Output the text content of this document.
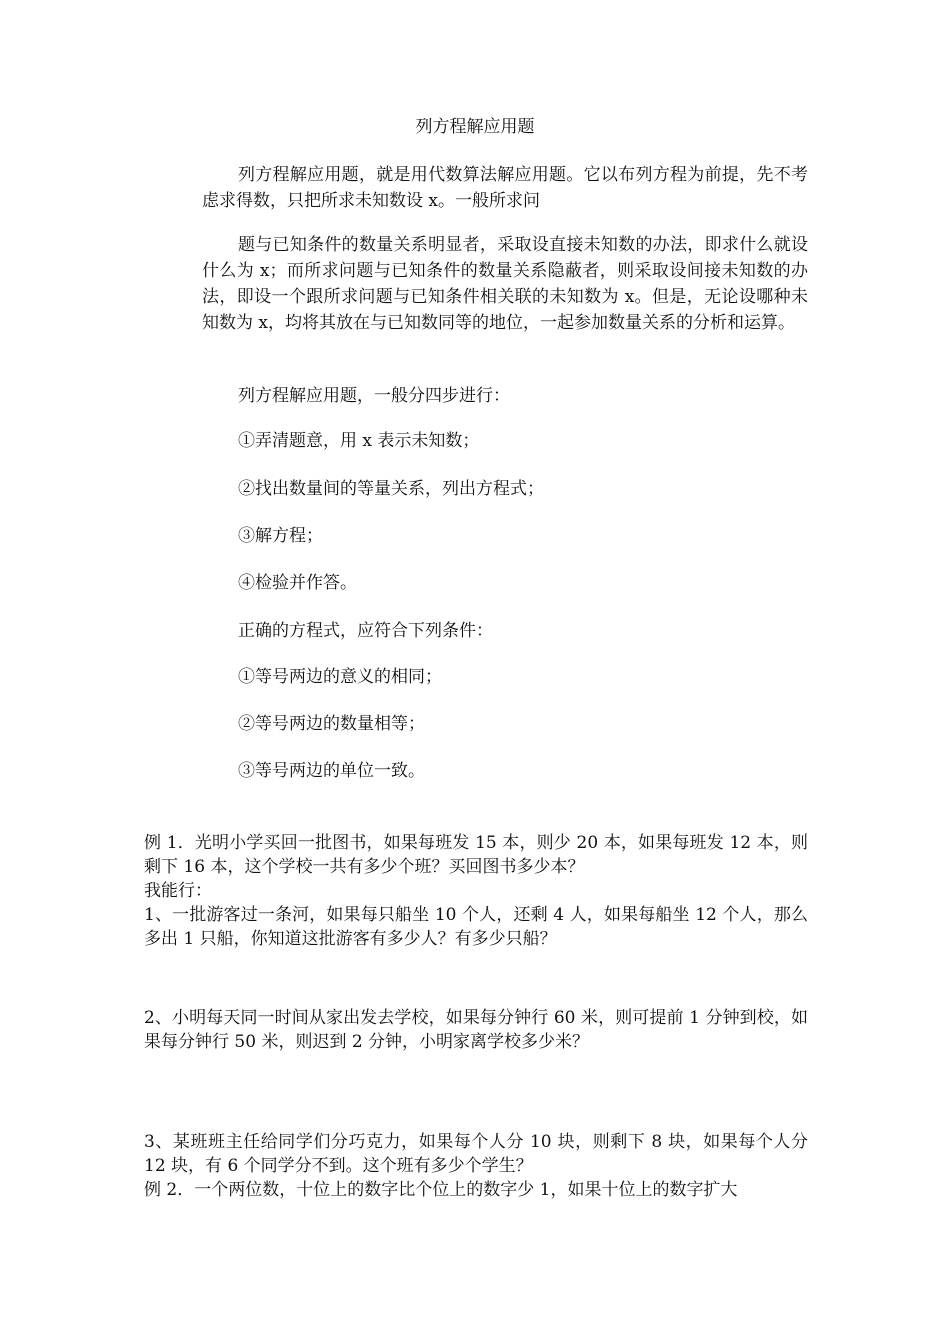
列方程解应用题
列方程解应用题，就是用代数算法解应用题。它以布列方程为前提，先不考虑求得数，只把所求未知数设 x。一般所求问
题与已知条件的数量关系明显者，采取设直接未知数的办法，即求什么就设什么为 x；而所求问题与已知条件的数量关系隐蔽者，则采取设间接未知数的办法，即设一个跟所求问题与已知条件相关联的未知数为 x。但是，无论设哪种未知数为 x，均将其放在与已知数同等的地位，一起参加数量关系的分析和运算。
列方程解应用题，一般分四步进行：
①弄清题意，用 x 表示未知数；
②找出数量间的等量关系，列出方程式；
③解方程；
④检验并作答。
正确的方程式，应符合下列条件：
①等号两边的意义的相同；
②等号两边的数量相等；
③等号两边的单位一致。
例 1．光明小学买回一批图书，如果每班发 15 本，则少 20 本，如果每班发 12 本，则剩下 16 本，这个学校一共有多少个班？买回图书多少本？
我能行：
1、一批游客过一条河，如果每只船坐 10 个人，还剩 4 人，如果每船坐 12 个人，那么多出 1 只船，你知道这批游客有多少人？有多少只船？
2、小明每天同一时间从家出发去学校，如果每分钟行 60 米，则可提前 1 分钟到校，如果每分钟行 50 米，则迟到 2 分钟，小明家离学校多少米？
3、某班班主任给同学们分巧克力，如果每个人分 10 块，则剩下 8 块，如果每个人分 12 块，有 6 个同学分不到。这个班有多少个学生？
例 2．一个两位数，十位上的数字比个位上的数字少 1，如果十位上的数字扩大
